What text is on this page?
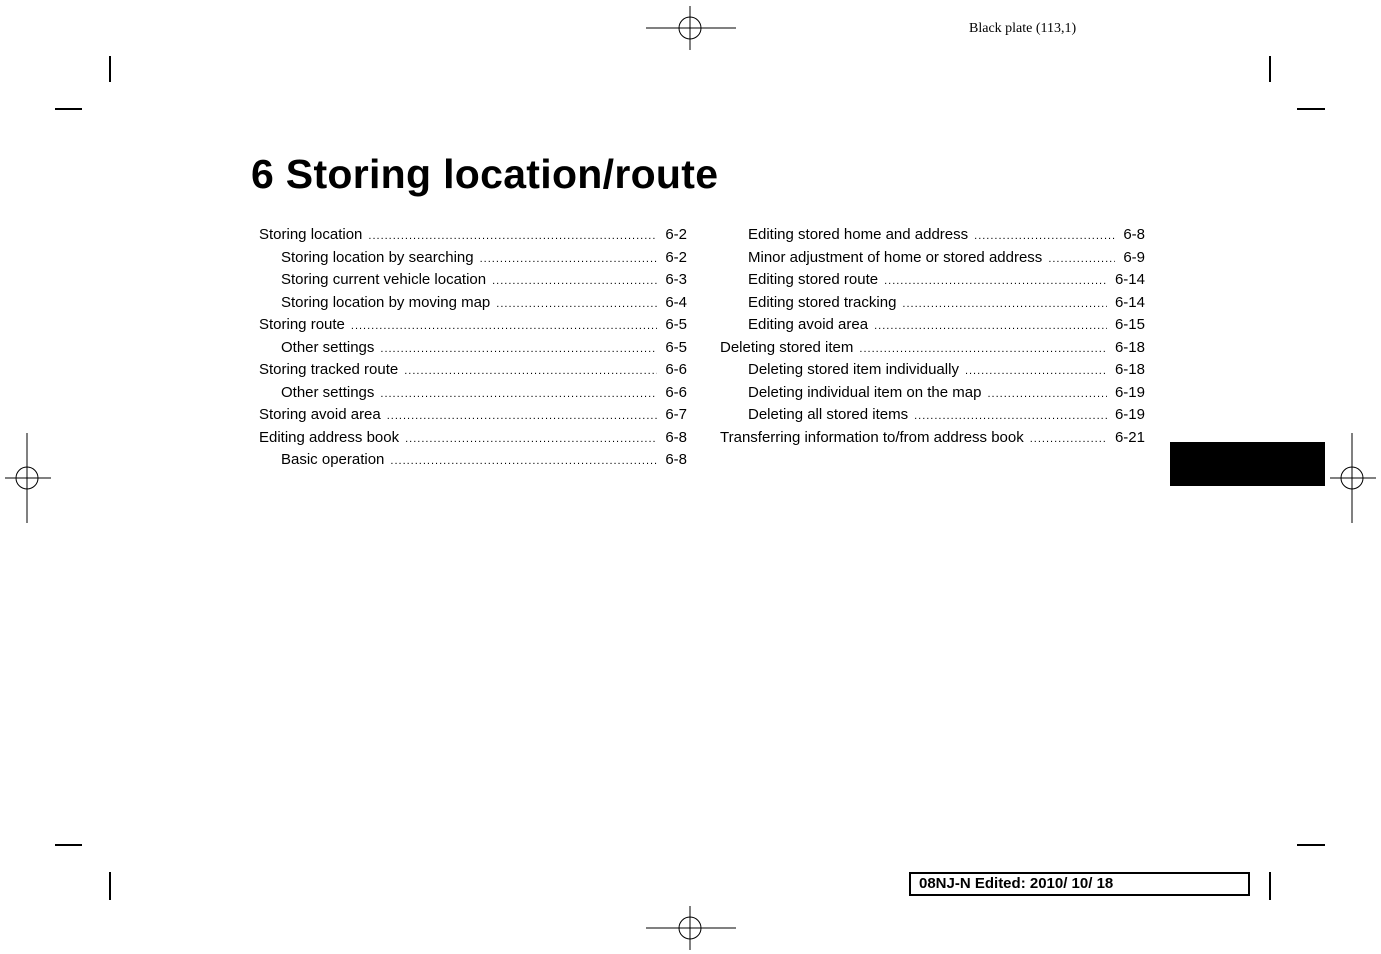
Black plate (113,1)
6 Storing location/route
Storing location .....	6-2
Storing location by searching .....	6-2
Storing current vehicle location .....	6-3
Storing location by moving map .....	6-4
Storing route .....	6-5
Other settings .....	6-5
Storing tracked route .....	6-6
Other settings .....	6-6
Storing avoid area .....	6-7
Editing address book .....	6-8
Basic operation .....	6-8
Editing stored home and address .....	6-8
Minor adjustment of home or stored address .....	6-9
Editing stored route .....	6-14
Editing stored tracking .....	6-14
Editing avoid area .....	6-15
Deleting stored item .....	6-18
Deleting stored item individually .....	6-18
Deleting individual item on the map .....	6-19
Deleting all stored items .....	6-19
Transferring information to/from address book .....	6-21
08NJ-N Edited: 2010/ 10/ 18
